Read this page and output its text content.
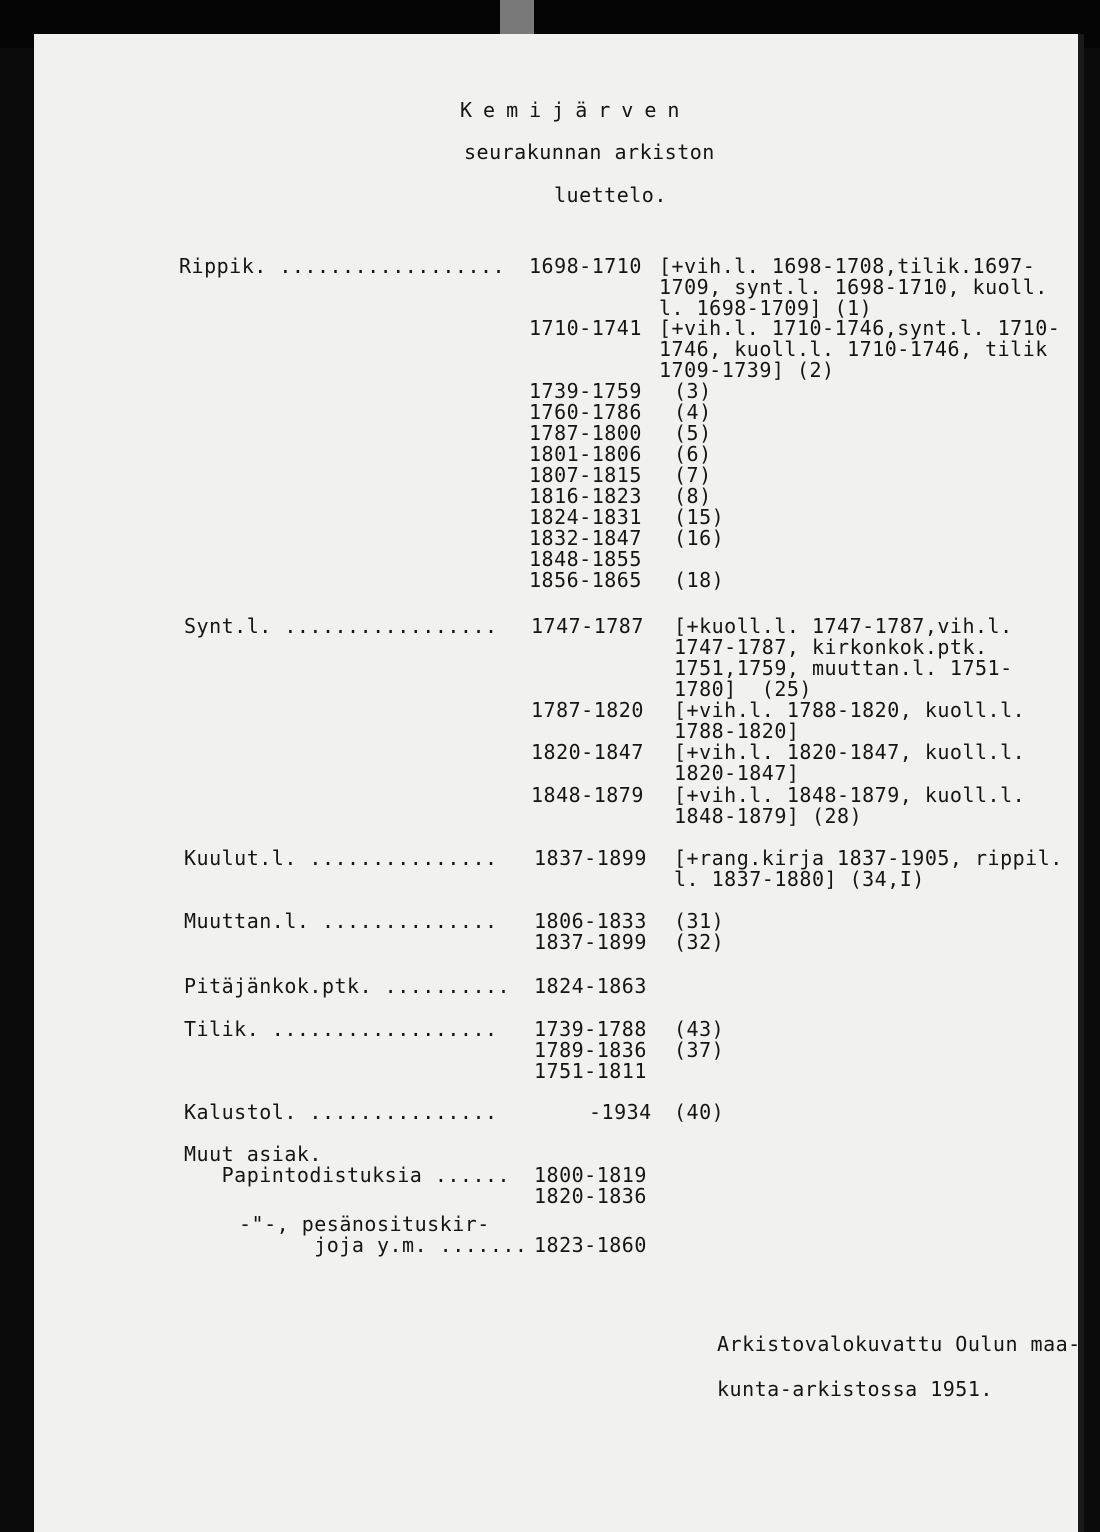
Kemijärven
seurakunnan arkiston
luettelo.
Rippik. .................. 1698-1710 [+vih.l. 1698-1708,tilik.1697-
1709, synt.l. 1698-1710, kuoll.
l. 1698-1709] (1)
1710-1741 [+vih.l. 1710-1746,synt.l. 1710-
1746, kuoll.l. 1710-1746, tilik
1709-1739] (2)
1739-1759 (3)
1760-1786 (4)
1787-1800 (5)
1801-1806 (6)
1807-1815 (7)
1816-1823 (8)
1824-1831 (15)
1832-1847 (16)
1848-1855
1856-1865 (18)
Synt.l. ................. 1747-1787 [+kuoll.l. 1747-1787,vih.l.
1747-1787, kirkonkok.ptk.
1751,1759, muuttan.l. 1751-
1780]  (25)
1787-1820 [+vih.l. 1788-1820, kuoll.l.
1788-1820]
1820-1847 [+vih.l. 1820-1847, kuoll.l.
1820-1847]
1848-1879 [+vih.l. 1848-1879, kuoll.l.
1848-1879] (28)
Kuulut.l. ............... 1837-1899 [+rang.kirja 1837-1905, rippil.
l. 1837-1880] (34,I)
Muuttan.l. .............. 1806-1833 (31)
1837-1899 (32)
Pitäjänkok.ptk. .......... 1824-1863
Tilik. .................. 1739-1788 (43)
1789-1836 (37)
1751-1811
Kalustol. ...............	-1934 (40)
Muut asiak.
Papintodistuksia ...... 1800-1819
1820-1836
-"-, pesänosituskir-
joja y.m. ....... 1823-1860
Arkistovalokuvattu Oulun maa-
kunta-arkistossa 1951.
